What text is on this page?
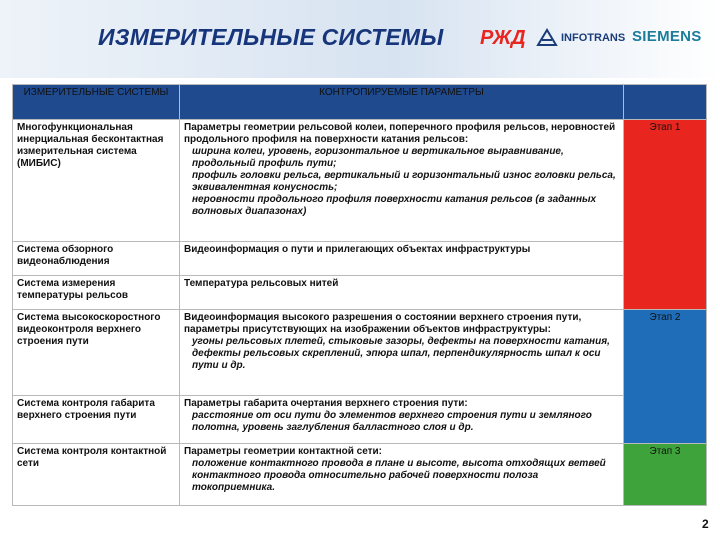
ИЗМЕРИТЕЛЬНЫЕ СИСТЕМЫ РЖД	INFOTRANS SIEMENS
ИЗМЕРИТЕЛЬНЫЕ СИСТЕМЫ	КОНТРОПИРУЕМЫЕ ПАРАМЕТРЫ	
Многофункциональная инерциальная бесконтактная измерительная система (МИБИС)	Параметры геометрии рельсовой колеи, поперечного профиля рельсов, неровностей продольного профиля на поверхности катания рельсов:
ширина колеи, уровень, горизонтальное и вертикальное выравнивание, продольный профиль пути;
профиль головки рельса, вертикальный и горизонтальный износ головки рельса, эквивалентная конусность;
неровности продольного профиля поверхности катания рельсов (в заданных волновых диапазонах)	Этап 1
Система обзорного видеонаблюдения	Видеоинформация о пути и прилегающих объектах инфраструктуры	

Система измерения температуры рельсов	Температура рельсовых нитей	

Система высокоскоростного видеоконтроля верхнего строения пути	Видеоинформация высокого разрешения о состоянии верхнего строения пути, параметры присутствующих на изображении объектов инфраструктуры:
угоны рельсовых плетей, стыковые зазоры, дефекты на поверхности катания, дефекты рельсовых скреплений, эпюра шпал, перпендикулярность шпал к оси пути и др.	Этап 2
Система контроля габарита верхнего строения пути	Параметры габарита очертания верхнего строения пути:
расстояние от оси пути до элементов верхнего строения пути и земляного полотна, уровень заглубления балластного слоя и др.	

Система контроля контактной сети	Параметры геометрии контактной сети:
положение контактного провода в плане и высоте, высота отходящих ветвей контактного провода относительно рабочей поверхности полоза токоприемника.	Этап 3
2
